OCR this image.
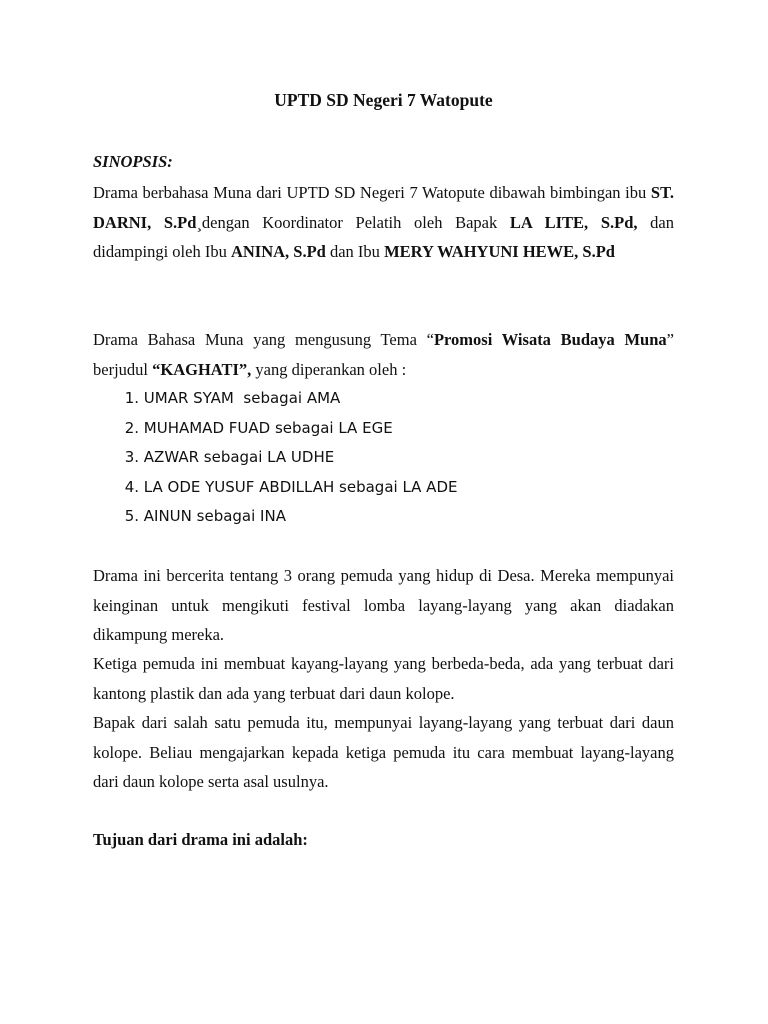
UPTD SD Negeri 7 Watopute

SINOPSIS:

Drama berbahasa Muna dari UPTD SD Negeri 7 Watopute dibawah bimbingan ibu ST. DARNI, S.Pd¸dengan Koordinator Pelatih oleh Bapak LA LITE, S.Pd, dan didampingi oleh Ibu ANINA, S.Pd dan Ibu MERY WAHYUNI HEWE, S.Pd

Drama Bahasa Muna yang mengusung Tema “Promosi Wisata Budaya Muna” berjudul “KAGHATI”, yang diperankan oleh :

1. UMAR SYAM  sebagai AMA
2. MUHAMAD FUAD sebagai LA EGE
3. AZWAR sebagai LA UDHE
4. LA ODE YUSUF ABDILLAH sebagai LA ADE
5. AINUN sebagai INA

Drama ini bercerita tentang 3 orang pemuda yang hidup di Desa. Mereka mempunyai keinginan untuk mengikuti festival lomba layang-layang yang akan diadakan dikampung mereka.

Ketiga pemuda ini membuat kayang-layang yang berbeda-beda, ada yang terbuat dari kantong plastik dan ada yang terbuat dari daun kolope.

Bapak dari salah satu pemuda itu, mempunyai layang-layang yang terbuat dari daun kolope. Beliau mengajarkan kepada ketiga pemuda itu cara membuat layang-layang dari daun kolope serta asal usulnya.

Tujuan dari drama ini adalah:
